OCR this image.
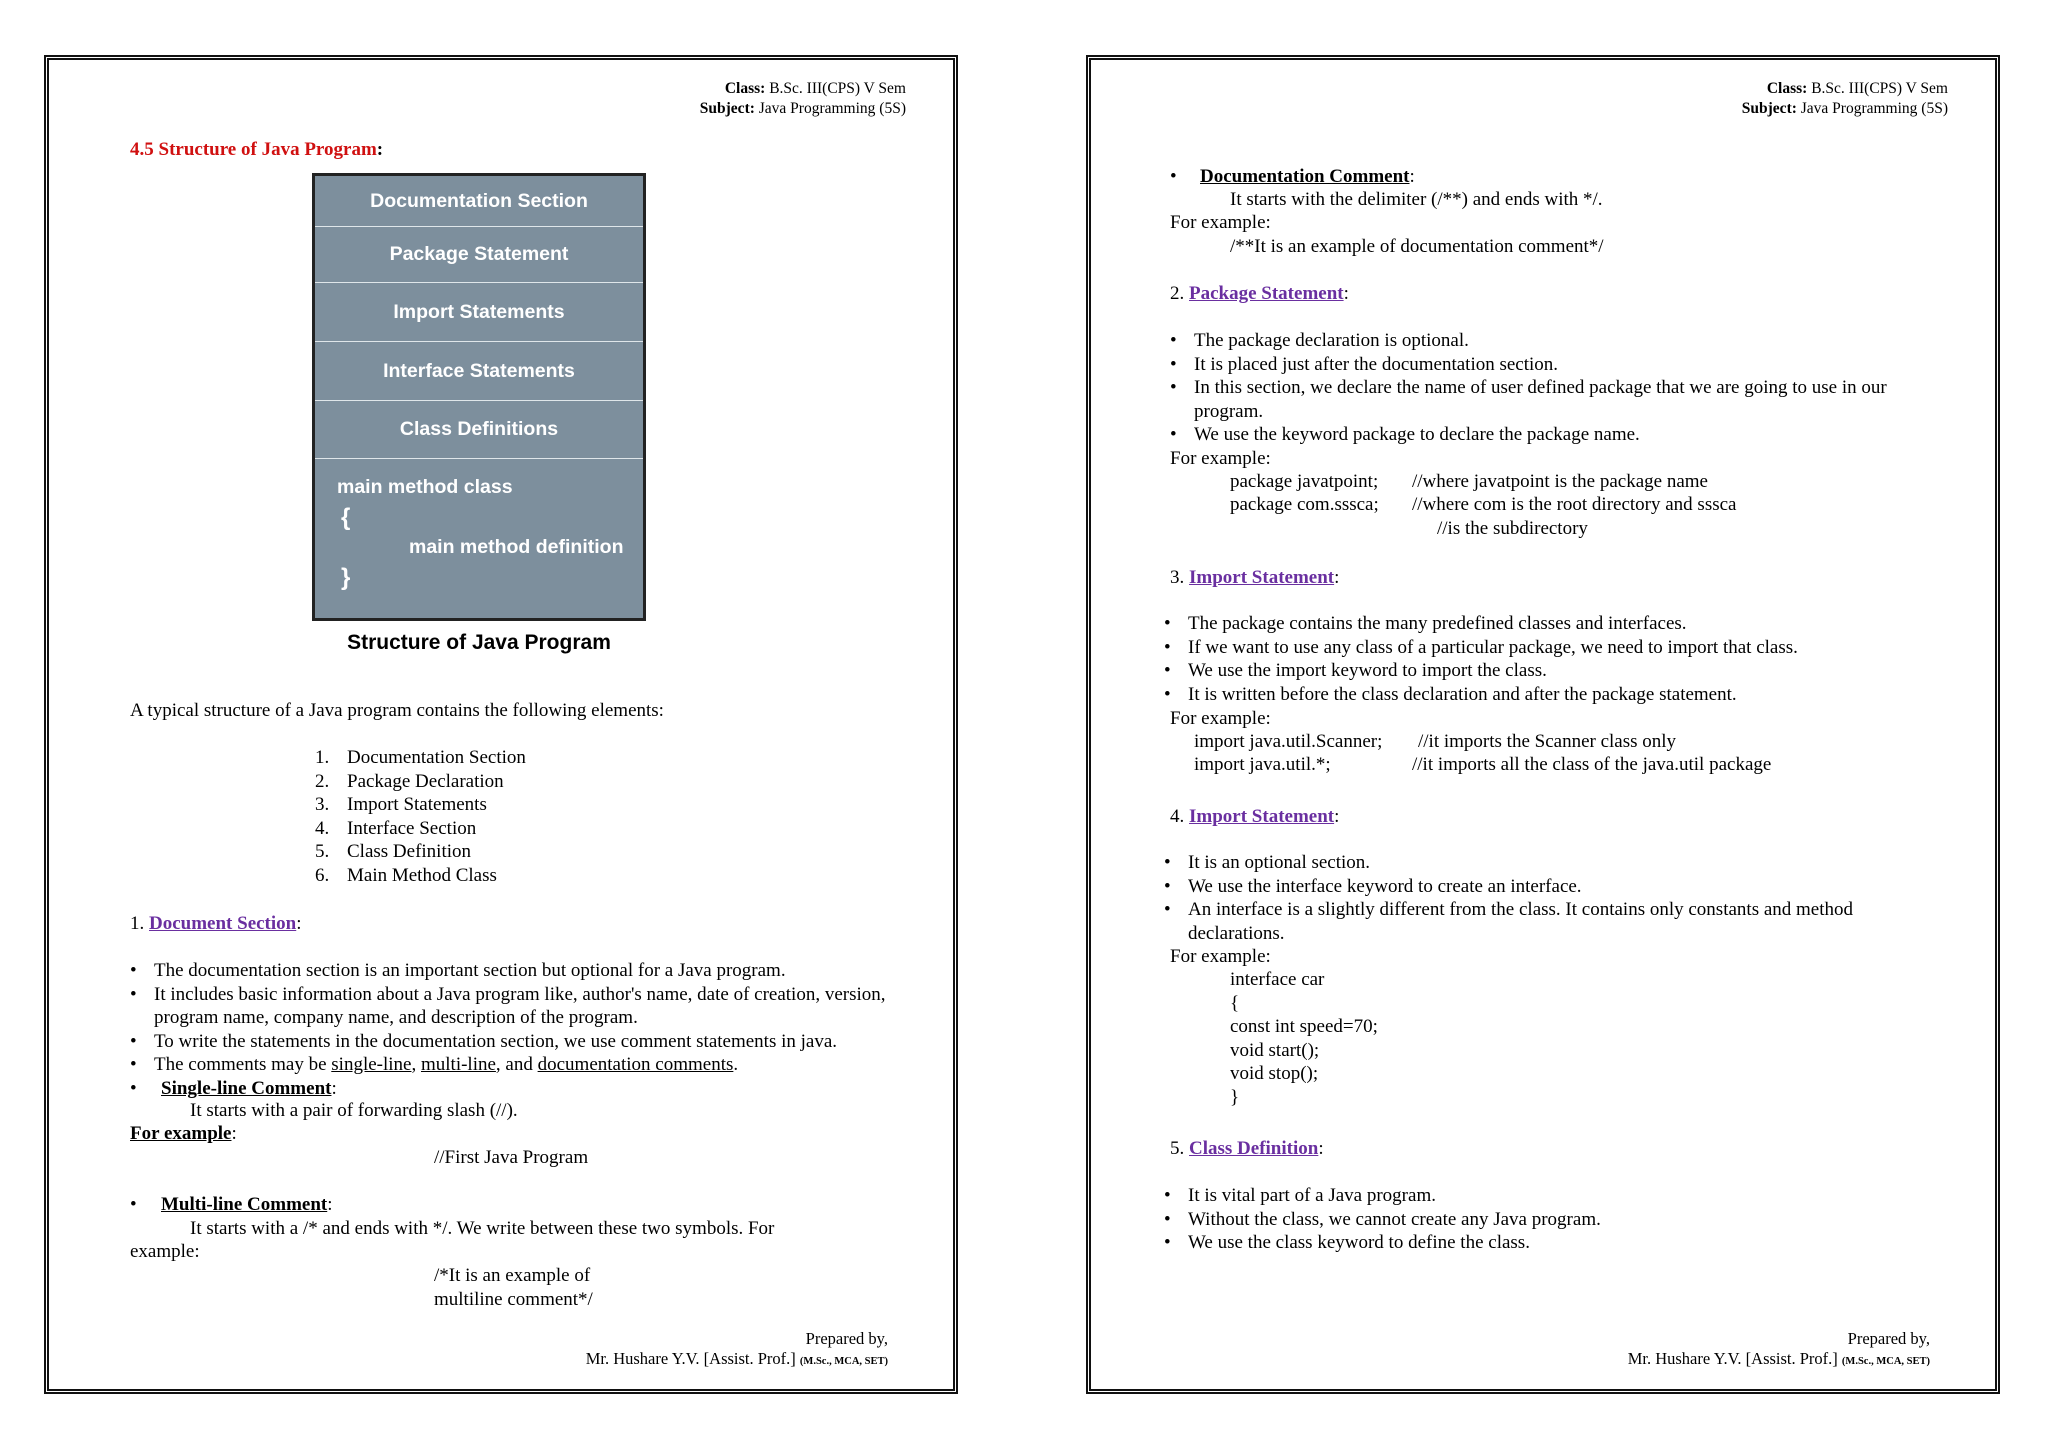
Class: B.Sc. III(CPS) V Sem
Subject: Java Programming (5S)
4.5 Structure of Java Program:
Documentation Section
Package Statement
Import Statements
Interface Statements
Class Definitions
main method class
{
main method definition
}
Structure of Java Program
A typical structure of a Java program contains the following elements:
1. Documentation Section
2. Package Declaration
3. Import Statements
4. Interface Section
5. Class Definition
6. Main Method Class
1. Document Section:
• The documentation section is an important section but optional for a Java program.
• It includes basic information about a Java program like, author's name, date of creation, version, program name, company name, and description of the program.
• To write the statements in the documentation section, we use comment statements in java.
• The comments may be single-line, multi-line, and documentation comments.
• Single-line Comment:
It starts with a pair of forwarding slash (//).
For example:
//First Java Program
• Multi-line Comment:
It starts with a /* and ends with */. We write between these two symbols. For
example:
/*It is an example of
multiline comment*/
Prepared by,
Mr. Hushare Y.V. [Assist. Prof.] (M.Sc., MCA, SET)
Class: B.Sc. III(CPS) V Sem
Subject: Java Programming (5S)
• Documentation Comment:
It starts with the delimiter (/**) and ends with */.
For example:
/**It is an example of documentation comment*/
2. Package Statement:
• The package declaration is optional.
• It is placed just after the documentation section.
• In this section, we declare the name of user defined package that we are going to use in our program.
• We use the keyword package to declare the package name.
For example:
package javatpoint; //where javatpoint is the package name
package com.sssca; //where com is the root directory and sssca
//is the subdirectory
3. Import Statement:
• The package contains the many predefined classes and interfaces.
• If we want to use any class of a particular package, we need to import that class.
• We use the import keyword to import the class.
• It is written before the class declaration and after the package statement.
For example:
import java.util.Scanner; //it imports the Scanner class only
import java.util.*;	//it imports all the class of the java.util package
4. Import Statement:
• It is an optional section.
• We use the interface keyword to create an interface.
• An interface is a slightly different from the class. It contains only constants and method declarations.
For example:
interface car
{
const int speed=70;
void start();
void stop();
}
5. Class Definition:
• It is vital part of a Java program.
• Without the class, we cannot create any Java program.
• We use the class keyword to define the class.
Prepared by,
Mr. Hushare Y.V. [Assist. Prof.] (M.Sc., MCA, SET)
